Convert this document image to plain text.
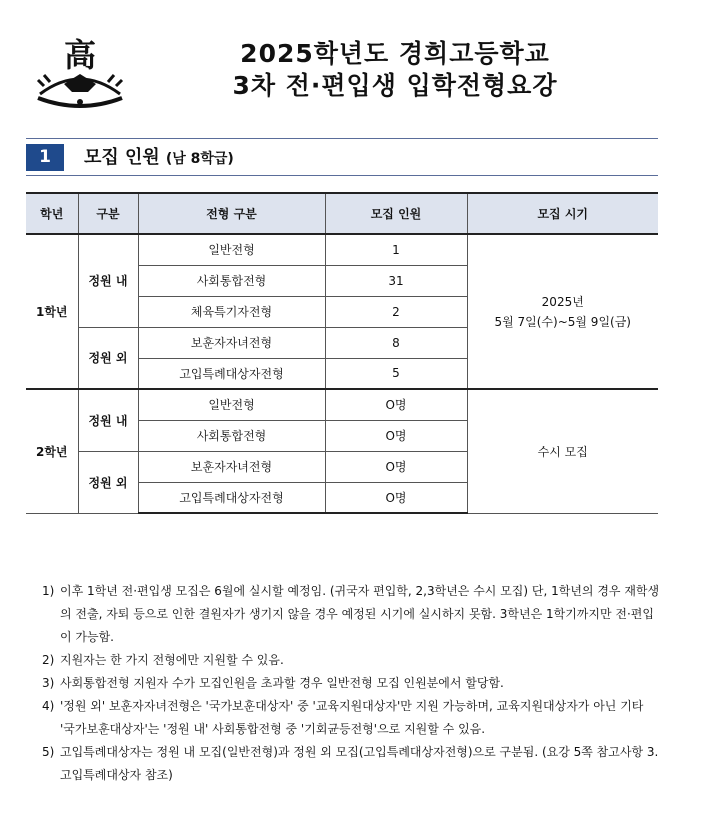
高	2025학년도 경희고등학교
3차 전·편입생 입학전형요강
1	모집 인원 (남 8학급)
학년	구분	전형 구분	모집 인원	모집 시기
1학년	정원 내	일반전형	1	2025년
5월 7일(수)~5월 9일(금)

		사회통합전형	31	
		체육특기자전형	2	
	정원 외	보훈자자녀전형	8	
		고입특례대상자전형	5	
2학년	정원 내	일반전형	O명	수시 모집
		사회통합전형	O명	
	정원 외	보훈자자녀전형	O명	
		고입특례대상자전형	O명	
1) 이후 1학년 전·편입생 모집은 6월에 실시할 예정임. (귀국자 편입학, 2,3학년은 수시 모집) 단, 1학년의 경우 재학생의 전출, 자퇴 등으로 인한 결원자가 생기지 않을 경우 예정된 시기에 실시하지 못함. 3학년은 1학기까지만 전·편입이 가능함.
2) 지원자는 한 가지 전형에만 지원할 수 있음.
3) 사회통합전형 지원자 수가 모집인원을 초과할 경우 일반전형 모집 인원분에서 할당함.
4) '정원 외' 보훈자자녀전형은 '국가보훈대상자' 중 '교육지원대상자'만 지원 가능하며, 교육지원대상자가 아닌 기타 '국가보훈대상자'는 '정원 내' 사회통합전형 중 '기회균등전형'으로 지원할 수 있음.
5) 고입특례대상자는 정원 내 모집(일반전형)과 정원 외 모집(고입특례대상자전형)으로 구분됨. (요강 5쪽 참고사항 3. 고입특례대상자 참조)
